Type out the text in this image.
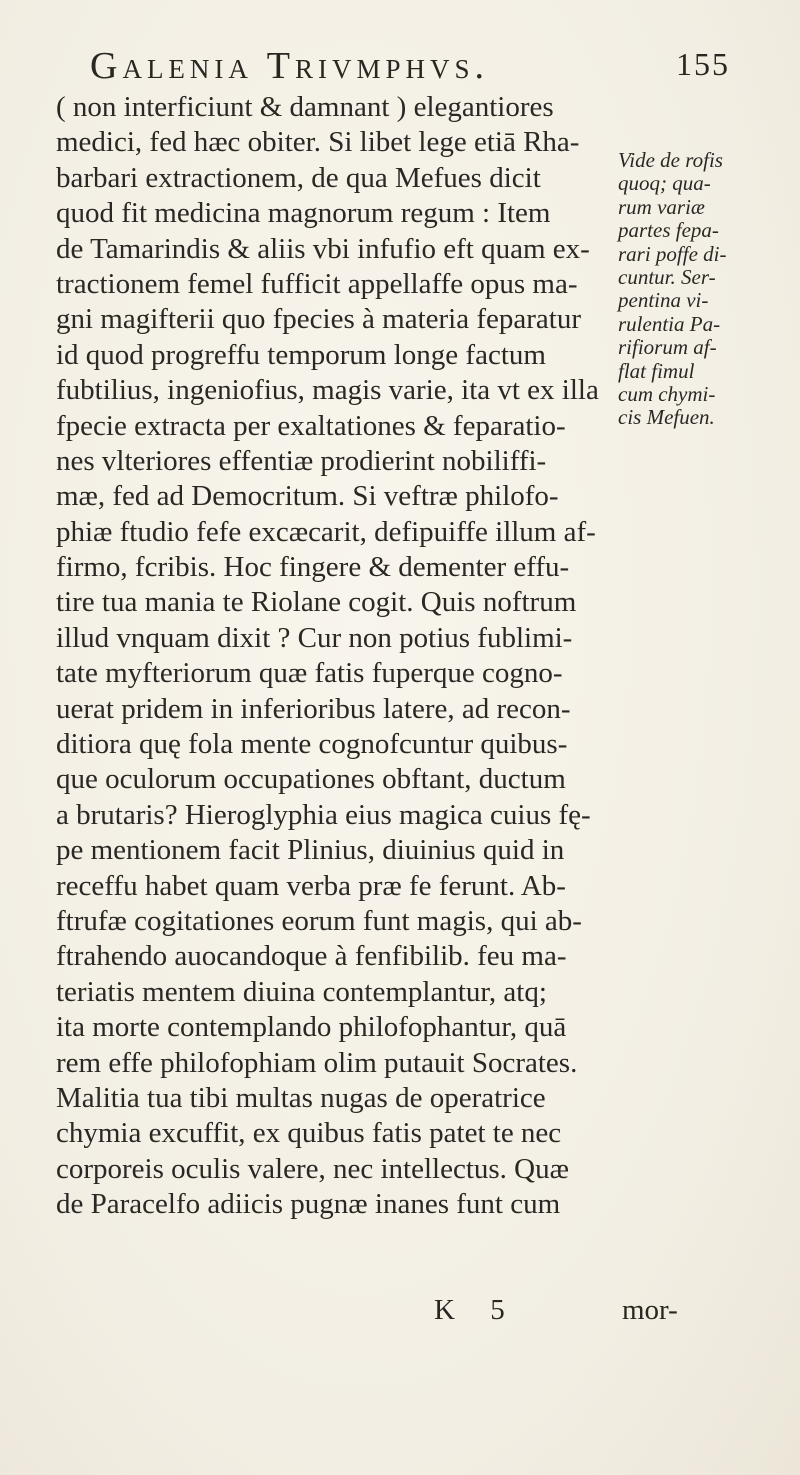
Galenia Trivmphvs.	155
( non interficiunt & damnant ) elegantiores
medici, fed hæc obiter. Si libet lege etiā Rha-
barbari extractionem, de qua Mefues dicit
quod fit medicina magnorum regum : Item
de Tamarindis & aliis vbi infufio eft quam ex-
tractionem femel fufficit appellaffe opus ma-
gni magifterii quo fpecies à materia feparatur
id quod progreffu temporum longe factum
fubtilius, ingeniofius, magis varie, ita vt ex illa
fpecie extracta per exaltationes & feparatio-
nes vlteriores effentiæ prodierint nobiliffi-
mæ, fed ad Democritum. Si veftræ philofo-
phiæ ftudio fefe excæcarit, defipuiffe illum af-
firmo, fcribis. Hoc fingere & dementer effu-
tire tua mania te Riolane cogit. Quis noftrum
illud vnquam dixit ? Cur non potius fublimi-
tate myfteriorum quæ fatis fuperque cogno-
uerat pridem in inferioribus latere, ad recon-
ditiora quę fola mente cognofcuntur quibus-
que oculorum occupationes obftant, ductum
a brutaris? Hieroglyphia eius magica cuius fę-
pe mentionem facit Plinius, diuinius quid in
receffu habet quam verba præ fe ferunt. Ab-
ftrufæ cogitationes eorum funt magis, qui ab-
ftrahendo auocandoque à fenfibilib. feu ma-
teriatis mentem diuina contemplantur, atq;
ita morte contemplando philofophantur, quā
rem effe philofophiam olim putauit Socrates.
Malitia tua tibi multas nugas de operatrice
chymia excuffit, ex quibus fatis patet te nec
corporeis oculis valere, nec intellectus. Quæ
de Paracelfo adiicis pugnæ inanes funt cum
Vide de rofis
quoq; qua-
rum variæ
partes fepa-
rari poffe di-
cuntur. Ser-
pentina vi-
rulentia Pa-
rifiorum af-
flat fimul
cum chymi-
cis Mefuen.
K 5	mor-
